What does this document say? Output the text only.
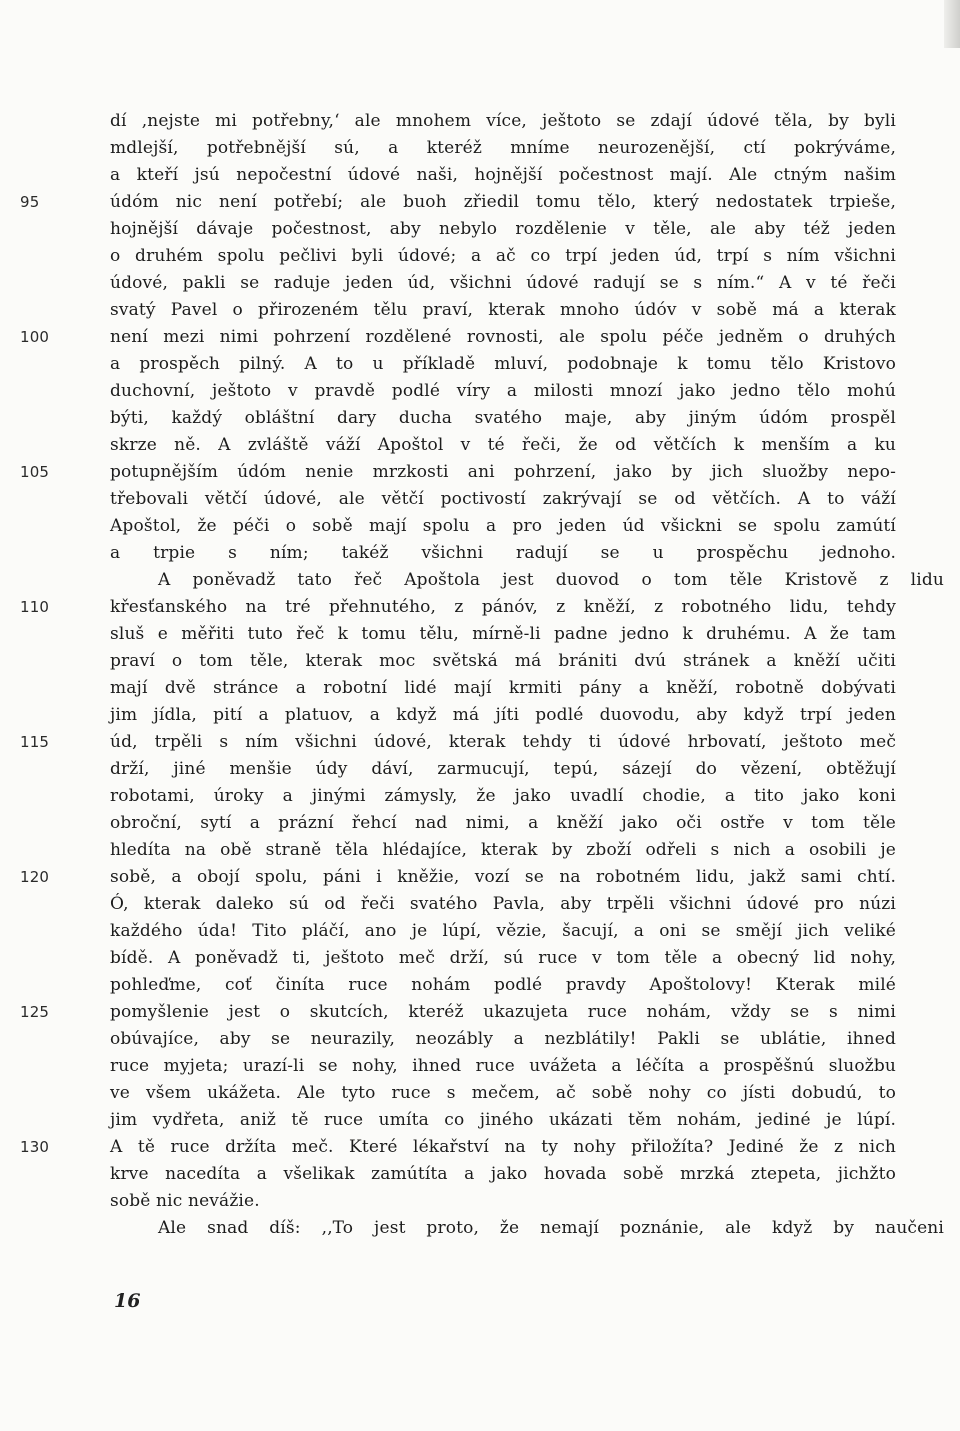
dí ‚nejste mi potřebny,‘ ale mnohem více, ještoto se zdají údové těla, by byli
mdlejší, potřebnější sú, a kteréž mníme neurozenější, ctí pokrýváme,
a kteří jsú nepočestní údové naši, hojnější počestnost mají. Ale ctným našim
95	údóm nic není potřebí; ale buoh zřiedil tomu tělo, který nedostatek trpieše,
hojnější dávaje počestnost, aby nebylo rozdělenie v těle, ale aby též jeden
o druhém spolu pečlivi byli údové; a ač co trpí jeden úd, trpí s ním všichni
údové, pakli se raduje jeden úd, všichni údové radují se s ním.“ A v té řeči
svatý Pavel o přirozeném tělu praví, kterak mnoho údóv v sobě má a kterak
100	není mezi nimi pohrzení rozdělené rovnosti, ale spolu péče jedněm o druhých
a prospěch pilný. A to u příkladě mluví, podobnaje k tomu tělo Kristovo
duchovní, ještoto v pravdě podlé víry a milosti mnozí jako jedno tělo mohú
býti, každý obláštní dary ducha svatého maje, aby jiným údóm prospěl
skrze ně. A zvláště váží Apoštol v té řeči, že od větčích k menším a ku
105	potupnějším údóm nenie mrzkosti ani pohrzení, jako by jich sluožby nepo-
třebovali větčí údové, ale větčí poctivostí zakrývají se od větčích. A to váží
Apoštol, že péči o sobě mají spolu a pro jeden úd všickni se spolu zamútí
a trpie s ním; takéž všichni radují se u prospěchu jednoho.
A poněvadž tato řeč Apoštola jest duovod o tom těle Kristově z lidu
110	křesťanského na tré přehnutého, z pánóv, z kněží, z robotného lidu, tehdy
sluš e měřiti tuto řeč k tomu tělu, mírně-li padne jedno k druhému. A že tam
praví o tom těle, kterak moc světská má brániti dvú stránek a kněží učiti
mají dvě stránce a robotní lidé mají krmiti pány a kněží, robotně dobývati
jim jídla, pití a platuov, a když má jíti podlé duovodu, aby když trpí jeden
115	úd, trpěli s ním všichni údové, kterak tehdy ti údové hrbovatí, ještoto meč
drží, jiné menšie údy dáví, zarmucují, tepú, sázejí do vězení, obtěžují
robotami, úroky a jinými zámysly, že jako uvadlí chodie, a tito jako koni
obroční, sytí a prázní řehcí nad nimi, a kněží jako oči ostře v tom těle
hledíta na obě straně těla hlédajíce, kterak by zboží odřeli s nich a osobili je
120	sobě, a obojí spolu, páni i kněžie, vozí se na robotném lidu, jakž sami chtí.
Ó, kterak daleko sú od řeči svatého Pavla, aby trpěli všichni údové pro núzi
každého úda! Tito pláčí, ano je lúpí, vězie, šacují, a oni se smějí jich veliké
bídě. A poněvadž ti, ještoto meč drží, sú ruce v tom těle a obecný lid nohy,
pohleďme, coť činíta ruce nohám podlé pravdy Apoštolovy! Kterak milé
125	pomyšlenie jest o skutcích, kteréž ukazujeta ruce nohám, vždy se s nimi
obúvajíce, aby se neurazily, neozábly a nezblátily! Pakli se ublátie, ihned
ruce myjeta; urazí-li se nohy, ihned ruce uvážeta a léčíta a prospěšnú sluožbu
ve všem ukážeta. Ale tyto ruce s mečem, ač sobě nohy co jísti dobudú, to
jim vydřeta, aniž tě ruce umíta co jiného ukázati těm nohám, jediné je lúpí.
130	A tě ruce držíta meč. Které lékařství na ty nohy přiložíta? Jediné že z nich
krve nacedíta a všelikak zamútíta a jako hovada sobě mrzká ztepeta, jichžto
sobě nic nevážie.
Ale snad díš: ‚‚To jest proto, že nemají poznánie, ale když by naučeni
16
